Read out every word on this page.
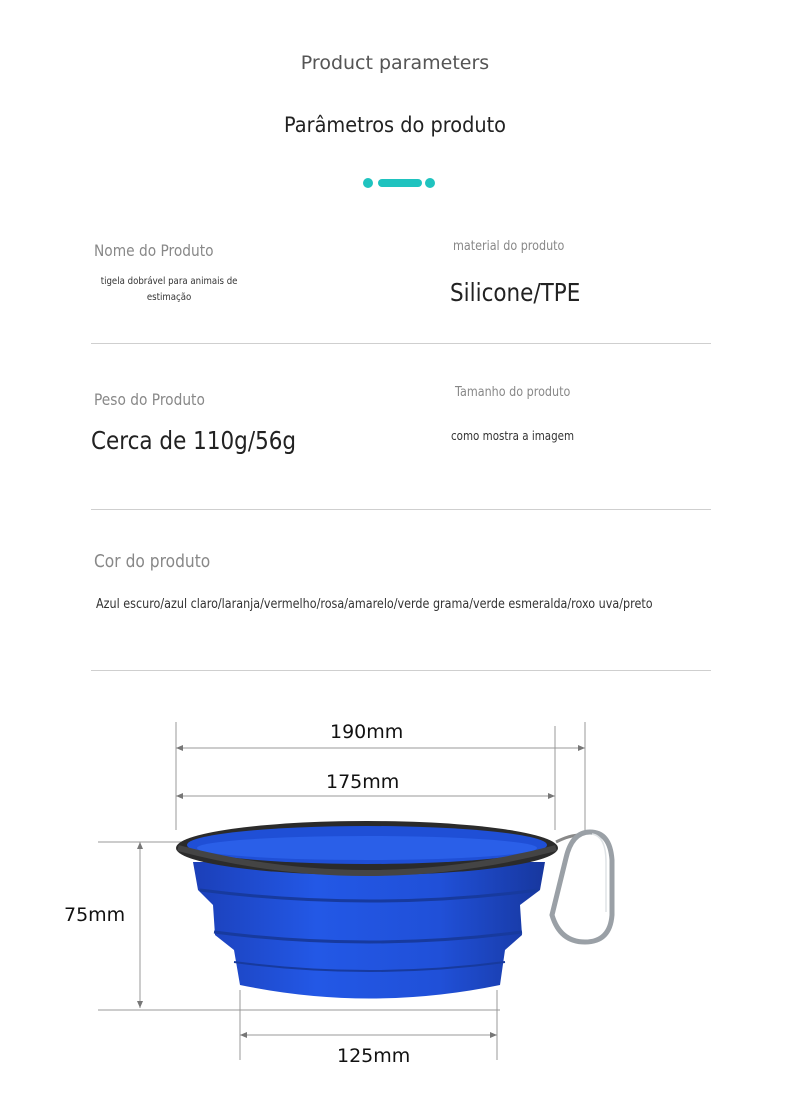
Product parameters
Parâmetros do produto
Nome do Produto
tigela dobrável para animais de estimação
material do produto
Silicone/TPE
Peso do Produto
Cerca de 110g/56g
Tamanho do produto
como mostra a imagem
Cor do produto
Azul escuro/azul claro/laranja/vermelho/rosa/amarelo/verde grama/verde esmeralda/roxo uva/preto
190mm
175mm
75mm
125mm
